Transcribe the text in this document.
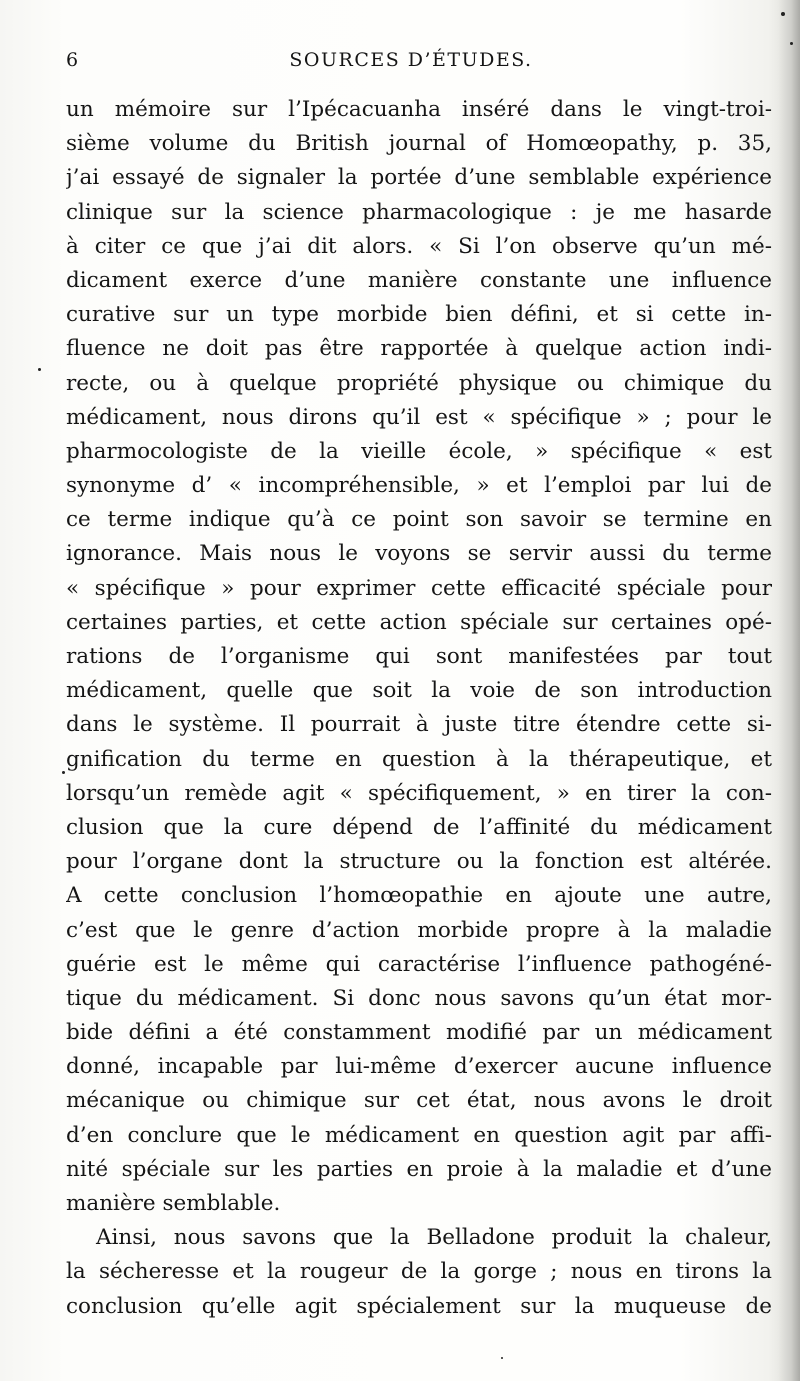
6	SOURCES D’ÉTUDES.
un mémoire sur l’Ipécacuanha inséré dans le vingt-troi-
sième volume du British journal of Homœopathy, p. 35,
j’ai essayé de signaler la portée d’une semblable expérience
clinique sur la science pharmacologique : je me hasarde
à citer ce que j’ai dit alors. « Si l’on observe qu’un mé-
dicament exerce d’une manière constante une influence
curative sur un type morbide bien défini, et si cette in-
fluence ne doit pas être rapportée à quelque action indi-
recte, ou à quelque propriété physique ou chimique du
médicament, nous dirons qu’il est « spécifique » ; pour le
pharmocologiste de la vieille école, » spécifique « est
synonyme d’ « incompréhensible, » et l’emploi par lui de
ce terme indique qu’à ce point son savoir se termine en
ignorance. Mais nous le voyons se servir aussi du terme
« spécifique » pour exprimer cette efficacité spéciale pour
certaines parties, et cette action spéciale sur certaines opé-
rations de l’organisme qui sont manifestées par tout
médicament, quelle que soit la voie de son introduction
dans le système. Il pourrait à juste titre étendre cette si-
gnification du terme en question à la thérapeutique, et
lorsqu’un remède agit « spécifiquement, » en tirer la con-
clusion que la cure dépend de l’affinité du médicament
pour l’organe dont la structure ou la fonction est altérée.
A cette conclusion l’homœopathie en ajoute une autre,
c’est que le genre d’action morbide propre à la maladie
guérie est le même qui caractérise l’influence pathogéné-
tique du médicament. Si donc nous savons qu’un état mor-
bide défini a été constamment modifié par un médicament
donné, incapable par lui-même d’exercer aucune influence
mécanique ou chimique sur cet état, nous avons le droit
d’en conclure que le médicament en question agit par affi-
nité spéciale sur les parties en proie à la maladie et d’une
manière semblable.
Ainsi, nous savons que la Belladone produit la chaleur,
la sécheresse et la rougeur de la gorge ; nous en tirons la
conclusion qu’elle agit spécialement sur la muqueuse de
